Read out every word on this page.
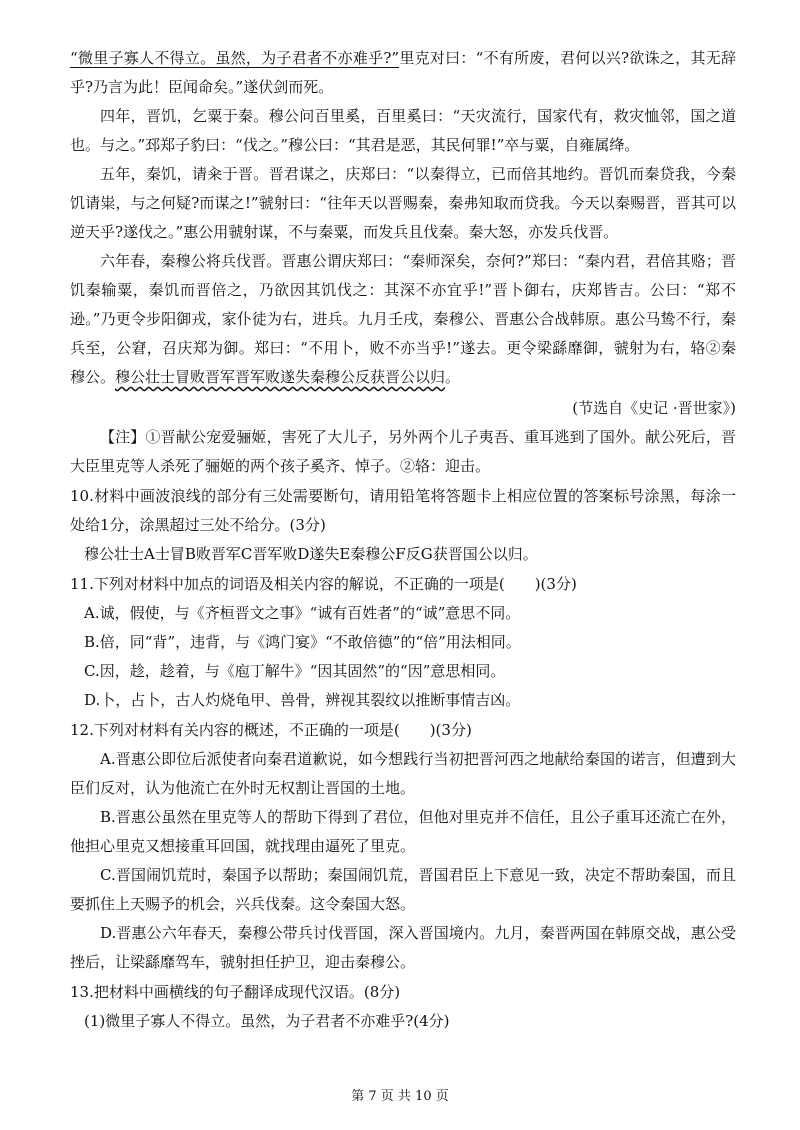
“微里子寡人不得立。虽然，为子君者不亦难乎?”里克对曰：“不有所废，君何以兴?欲诛之，其无辞乎?乃言为此！臣闻命矣。”遂伏剑而死。

四年，晋饥，乞粟于秦。穆公问百里奚，百里奚曰：“天灾流行，国家代有，救灾恤邻，国之道也。与之。”邳郑子豹曰：“伐之。”穆公曰：“其君是恶，其民何罪!”卒与粟，自雍属绛。

五年，秦饥，请籴于晋。晋君谋之，庆郑曰：“以秦得立，已而倍其地约。晋饥而秦贷我，今秦饥请粜，与之何疑?而谋之!”虢射曰：“往年天以晋赐秦，秦弗知取而贷我。今天以秦赐晋，晋其可以逆天乎?遂伐之。”惠公用虢射谋，不与秦粟，而发兵且伐秦。秦大怒，亦发兵伐晋。

六年春，秦穆公将兵伐晋。晋惠公谓庆郑曰：“秦师深矣，奈何?”郑曰：“秦内君，君倍其赂；晋饥秦输粟，秦饥而晋倍之，乃欲因其饥伐之：其深不亦宜乎!”晋卜御右，庆郑皆吉。公曰：“郑不逊。”乃更令步阳御戎，家仆徒为右，进兵。九月壬戌，秦穆公、晋惠公合战韩原。惠公马鸷不行，秦兵至，公窘，召庆郑为御。郑曰：“不用卜，败不亦当乎!”遂去。更令梁繇靡御，虢射为右，辂②秦穆公。穆公壮士冒败晋军晋军败遂失秦穆公反获晋公以归。

(节选自《史记 ·晋世家》)

【注】①晋献公宠爱骊姬，害死了大儿子，另外两个儿子夷吾、重耳逃到了国外。献公死后，晋大臣里克等人杀死了骊姬的两个孩子奚齐、悼子。②辂：迎击。

10.材料中画波浪线的部分有三处需要断句，请用铅笔将答题卡上相应位置的答案标号涂黑，每涂一处给1分，涂黑超过三处不给分。(3分)

穆公壮士A士冒B败晋军C晋军败D遂失E秦穆公F反G获晋国公以归。

11.下列对材料中加点的词语及相关内容的解说，不正确的一项是(　　)(3分)

A.诚，假使，与《齐桓晋文之事》“诚有百姓者”的“诚”意思不同。

B.倍，同“背”，违背，与《鸿门宴》“不敢倍德”的“倍”用法相同。

C.因，趁，趁着，与《庖丁解牛》“因其固然”的“因”意思相同。

D.卜，占卜，古人灼烧龟甲、兽骨，辨视其裂纹以推断事情吉凶。

12.下列对材料有关内容的概述，不正确的一项是(　　)(3分)

A.晋惠公即位后派使者向秦君道歉说，如今想践行当初把晋河西之地献给秦国的诺言，但遭到大臣们反对，认为他流亡在外时无权割让晋国的土地。

B.晋惠公虽然在里克等人的帮助下得到了君位，但他对里克并不信任，且公子重耳还流亡在外，他担心里克又想接重耳回国，就找理由逼死了里克。

C.晋国闹饥荒时，秦国予以帮助；秦国闹饥荒，晋国君臣上下意见一致，决定不帮助秦国，而且要抓住上天赐予的机会，兴兵伐秦。这令秦国大怒。

D.晋惠公六年春天，秦穆公带兵讨伐晋国，深入晋国境内。九月，秦晋两国在韩原交战，惠公受挫后，让梁繇靡驾车，虢射担任护卫，迎击秦穆公。

13.把材料中画横线的句子翻译成现代汉语。(8分)

(1)微里子寡人不得立。虽然，为子君者不亦难乎?(4分)

第 7 页 共 10 页
